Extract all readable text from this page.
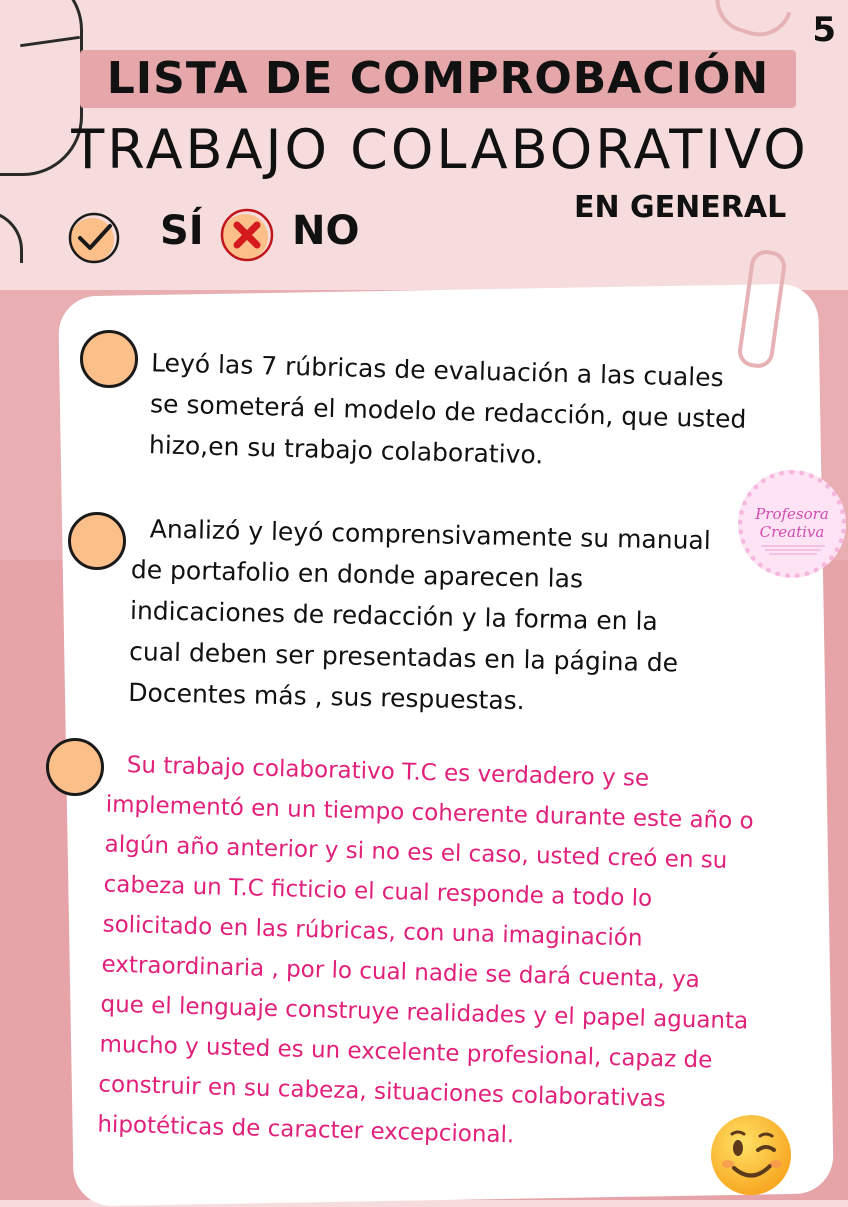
5
LISTA DE COMPROBACIÓN
TRABAJO COLABORATIVO
EN GENERAL
SÍ NO
Leyó las 7 rúbricas de evaluación a las cuales
se someterá el modelo de redacción, que usted
hizo,en su trabajo colaborativo.
Analizó y leyó comprensivamente su manual
de portafolio en donde aparecen las
indicaciones de redacción y la forma en la
cual deben ser presentadas en la página de
Docentes más , sus respuestas.
Su trabajo colaborativo T.C es verdadero y se
implementó en un tiempo coherente durante este año o
algún año anterior y si no es el caso, usted creó en su
cabeza un T.C ficticio el cual responde a todo lo
solicitado en las rúbricas, con una imaginación
extraordinaria , por lo cual nadie se dará cuenta, ya
que el lenguaje construye realidades y el papel aguanta
mucho y usted es un excelente profesional, capaz de
construir en su cabeza, situaciones colaborativas
hipotéticas de caracter excepcional.
Profesora
Creativa
